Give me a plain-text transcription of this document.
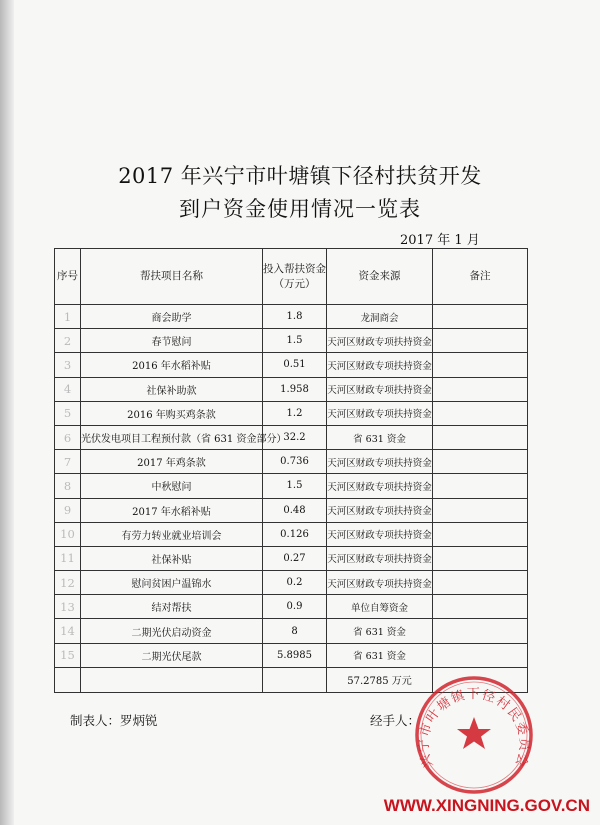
2017 年兴宁市叶塘镇下径村扶贫开发
到户资金使用情况一览表
2017 年 1 月
序号	帮扶项目名称	投入帮扶资金（万元）	资金来源	备注
1	商会助学	1.8	龙洞商会	
2	春节慰问	1.5	天河区财政专项扶持资金	
3	2016 年水稻补贴	0.51	天河区财政专项扶持资金	
4	社保补助款	1.958	天河区财政专项扶持资金	
5	2016 年购买鸡条款	1.2	天河区财政专项扶持资金	
6	光伏发电项目工程预付款（省 631 资金部分）	32.2	省 631 资金	
7	2017 年鸡条款	0.736	天河区财政专项扶持资金	
8	中秋慰问	1.5	天河区财政专项扶持资金	
9	2017 年水稻补贴	0.48	天河区财政专项扶持资金	
10	有劳力转业就业培训会	0.126	天河区财政专项扶持资金	
11	社保补贴	0.27	天河区财政专项扶持资金	
12	慰问贫困户温锦水	0.2	天河区财政专项扶持资金	
13	结对帮扶	0.9	单位自筹资金	
14	二期光伏启动资金	8	省 631 资金	
15	二期光伏尾款	5.8985	省 631 资金	
			57.2785 万元	
制表人：罗炳锐	经手人：
兴宁市叶塘镇下径村民委员会
WWW.XINGNING.GOV.CN
